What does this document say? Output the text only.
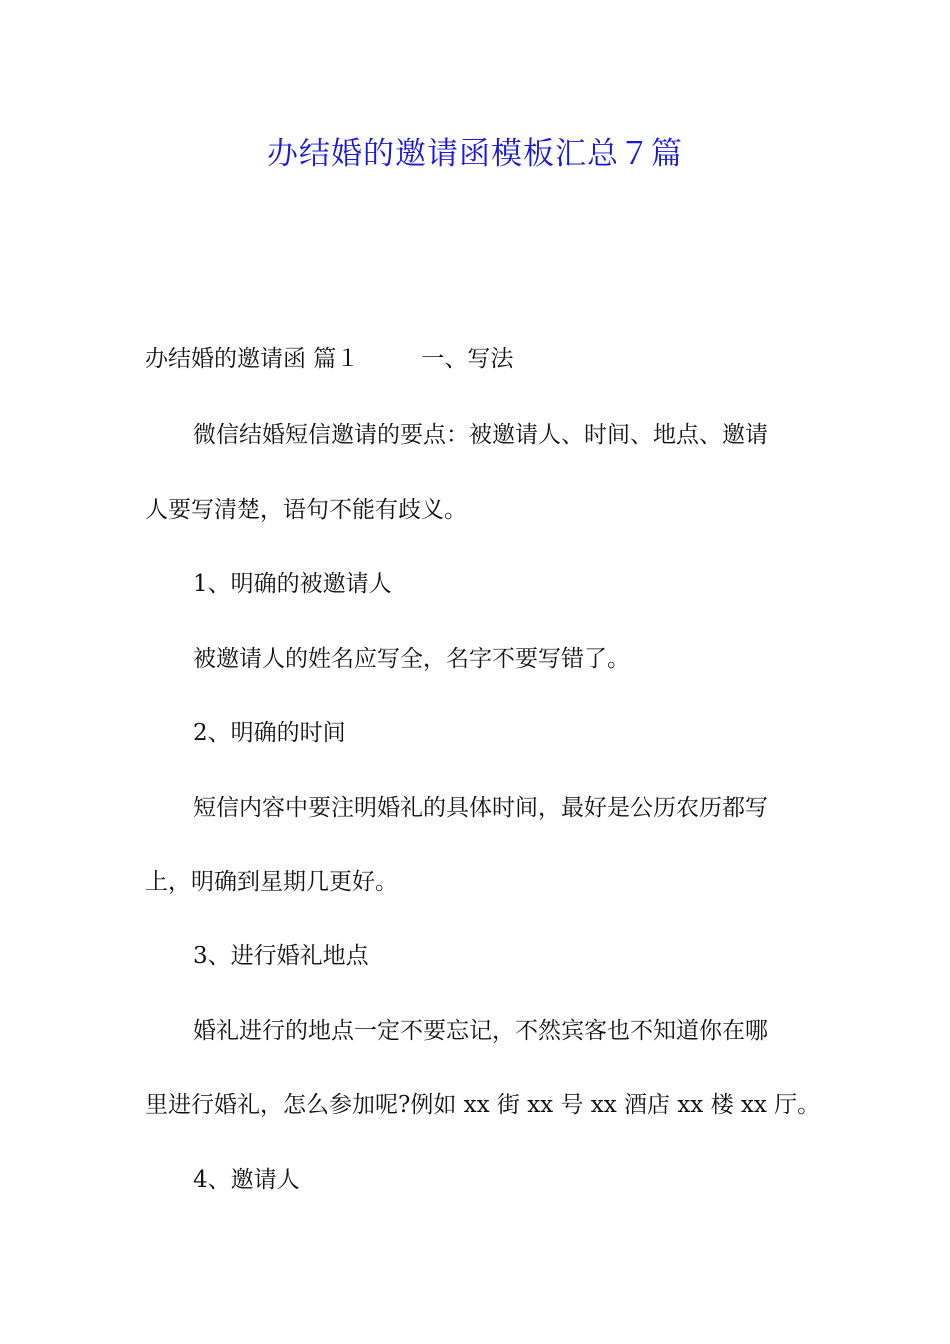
办结婚的邀请函模板汇总７篇

办结婚的邀请函 篇１	一、写法

微信结婚短信邀请的要点：被邀请人、时间、地点、邀请

人要写清楚，语句不能有歧义。

1、明确的被邀请人

被邀请人的姓名应写全，名字不要写错了。

2、明确的时间

短信内容中要注明婚礼的具体时间，最好是公历农历都写

上，明确到星期几更好。

3、进行婚礼地点

婚礼进行的地点一定不要忘记，不然宾客也不知道你在哪

里进行婚礼，怎么参加呢?例如 xx 街 xx 号 xx 酒店 xx 楼 xx 厅。

4、邀请人
